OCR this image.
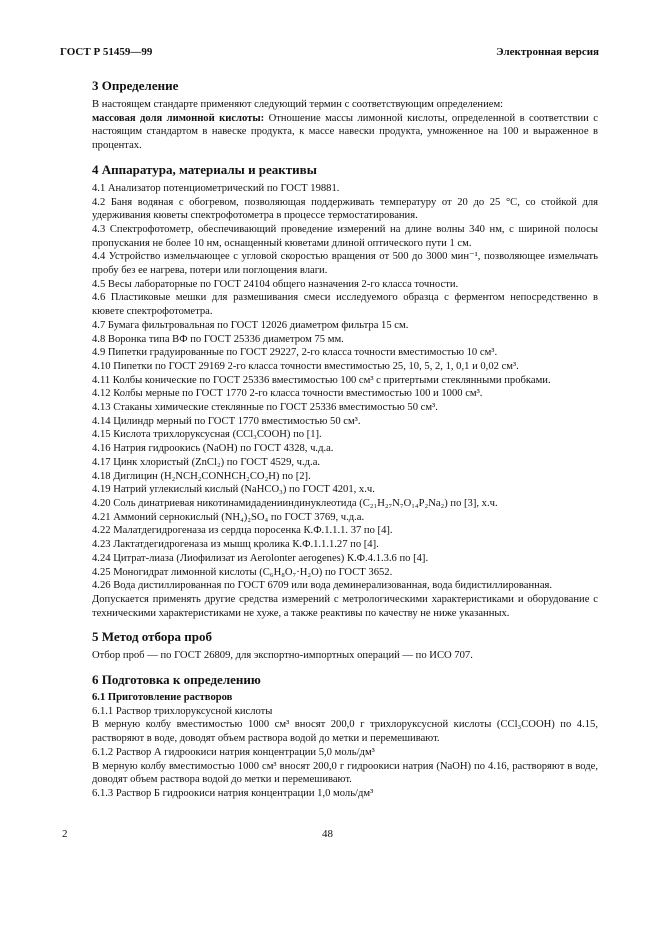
ГОСТ Р 51459—99	Электронная версия
3 Определение

В настоящем стандарте применяют следующий термин с соответствующим определением:

массовая доля лимонной кислоты: Отношение массы лимонной кислоты, определенной в соответствии с настоящим стандартом в навеске продукта, к массе навески продукта, умноженное на 100 и выраженное в процентах.

4 Аппаратура, материалы и реактивы

4.1 Анализатор потенциометрический по ГОСТ 19881.

4.2 Баня водяная с обогревом, позволяющая поддерживать температуру от 20 до 25 °С, со стойкой для удерживания кюветы спектрофотометра в процессе термостатирования.

4.3 Спектрофотометр, обеспечивающий проведение измерений на длине волны 340 нм, с шириной полосы пропускания не более 10 нм, оснащенный кюветами длиной оптического пути 1 см.

4.4 Устройство измельчающее с угловой скоростью вращения от 500 до 3000 мин⁻¹, позволяющее измельчать пробу без ее нагрева, потери или поглощения влаги.

4.5 Весы лабораторные по ГОСТ 24104 общего назначения 2-го класса точности.

4.6 Пластиковые мешки для размешивания смеси исследуемого образца с ферментом непосредственно в кювете спектрофотометра.

4.7 Бумага фильтровальная по ГОСТ 12026 диаметром фильтра 15 см.

4.8 Воронка типа ВФ по ГОСТ 25336 диаметром 75 мм.

4.9 Пипетки градуированные по ГОСТ 29227, 2-го класса точности вместимостью 10 см³.

4.10 Пипетки по ГОСТ 29169 2-го класса точности вместимостью 25, 10, 5, 2, 1, 0,1 и 0,02 см³.

4.11 Колбы конические по ГОСТ 25336 вместимостью 100 см³ с притертыми стеклянными пробками.

4.12 Колбы мерные по ГОСТ 1770 2-го класса точности вместимостью 100 и 1000 см³.

4.13 Стаканы химические стеклянные по ГОСТ 25336 вместимостью 50 см³.

4.14 Цилиндр мерный по ГОСТ 1770 вместимостью 50 см³.

4.15 Кислота трихлоруксусная (CCl₃COOH) по [1].

4.16 Натрия гидроокись (NaOH) по ГОСТ 4328, ч.д.а.

4.17 Цинк хлористый (ZnCl₂) по ГОСТ 4529, ч.д.а.

4.18 Диглицин (H₂NCH₂CONHCH₂CO₂H) по [2].

4.19 Натрий углекислый кислый (NaHCO₃) по ГОСТ 4201, х.ч.

4.20 Соль динатриевая никотинамидаденииндинуклеотида (C₂₁H₂₇N₇O₁₄P₂Na₂) по [3], х.ч.

4.21 Аммоний сернокислый (NH₄)₂SO₄ по ГОСТ 3769, ч.д.а.

4.22 Малатдегидрогеназа из сердца поросенка К.Ф.1.1.1. 37 по [4].

4.23 Лактатдегидрогеназа из мышц кролика К.Ф.1.1.1.27 по [4].

4.24 Цитрат-лиаза (Лиофилизат из Aerolonter aerogenes) К.Ф.4.1.3.6 по [4].

4.25 Моногидрат лимонной кислоты (C₆H₈O₇·H₂O) по ГОСТ 3652.

4.26 Вода дистиллированная по ГОСТ 6709 или вода деминерализованная, вода бидистиллированная.

Допускается применять другие средства измерений с метрологическими характеристиками и оборудование с техническими характеристиками не хуже, а также реактивы по качеству не ниже указанных.

5 Метод отбора проб

Отбор проб — по ГОСТ 26809, для экспортно-импортных операций — по ИСО 707.

6 Подготовка к определению

6.1 Приготовление растворов

6.1.1 Раствор трихлоруксусной кислоты

В мерную колбу вместимостью 1000 см³ вносят 200,0 г трихлоруксусной кислоты (CCl₃COOH) по 4.15, растворяют в воде, доводят объем раствора водой до метки и перемешивают.

6.1.2 Раствор А гидроокиси натрия концентрации 5,0 моль/дм³

В мерную колбу вместимостью 1000 см³ вносят 200,0 г гидроокиси натрия (NaOH) по 4.16, растворяют в воде, доводят объем раствора водой до метки и перемешивают.

6.1.3 Раствор Б гидроокиси натрия концентрации 1,0 моль/дм³

2	48
